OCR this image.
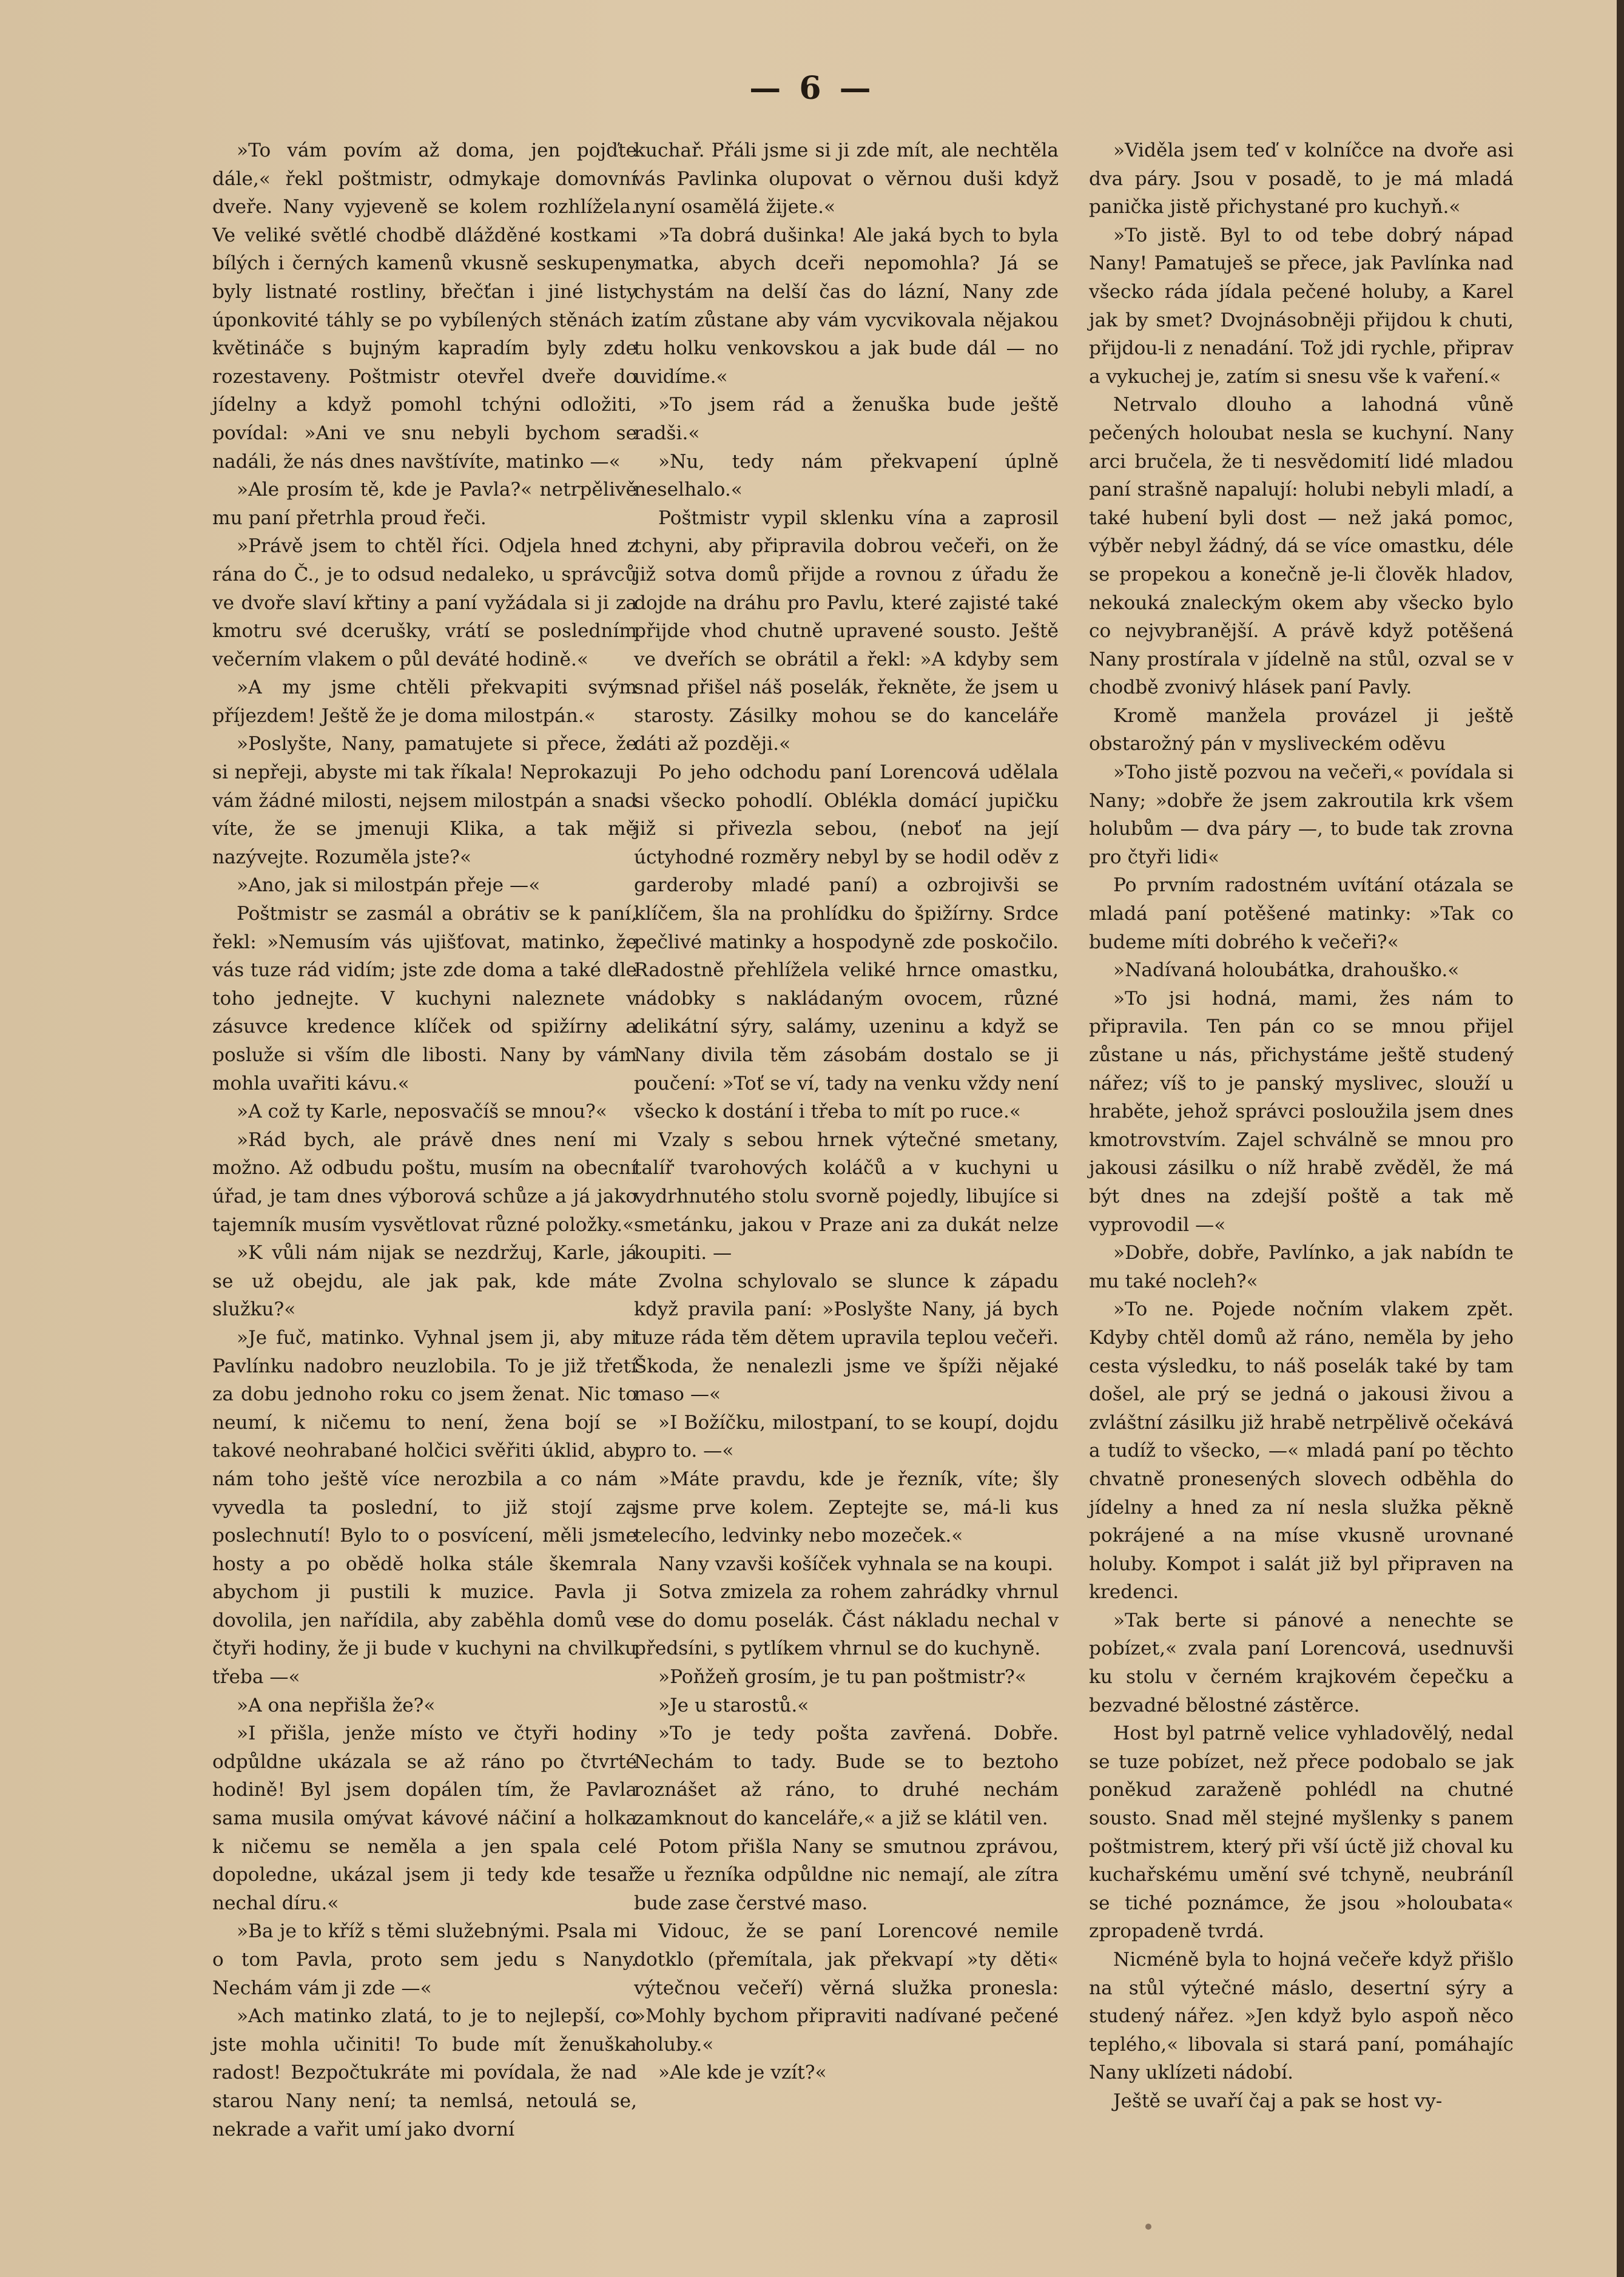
— 6 —

»To vám povím až doma, jen pojďte dále,« řekl poštmistr, odmykaje domovní dveře. Nany vyjeveně se kolem rozhlížela. Ve veliké světlé chodbě dlážděné kostkami bílých i černých kamenů vkusně seskupeny byly listnaté rostliny, břečťan i jiné listy úponkovité táhly se po vybílených stěnách i květináče s bujným kapradím byly zde rozestaveny. Poštmistr otevřel dveře do jídelny a když pomohl tchýni odložiti, povídal: »Ani ve snu nebyli bychom se nadáli, že nás dnes navštívíte, matinko —«

»Ale prosím tě, kde je Pavla?« netrpělivě mu paní přetrhla proud řeči.

»Právě jsem to chtěl říci. Odjela hned z rána do Č., je to odsud nedaleko, u správců ve dvoře slaví křtiny a paní vyžádala si ji za kmotru své dcerušky, vrátí se posledním večerním vlakem o půl deváté hodině.«

»A my jsme chtěli překvapiti svým příjezdem! Ještě že je doma milostpán.«

»Poslyšte, Nany, pamatujete si přece, že si nepřeji, abyste mi tak říkala! Neprokazuji vám žádné milosti, nejsem milostpán a snad víte, že se jmenuji Klika, a tak mě nazývejte. Rozuměla jste?«

»Ano, jak si milostpán přeje —«

Poštmistr se zasmál a obrátiv se k paní, řekl: »Nemusím vás ujišťovat, matinko, že vás tuze rád vidím; jste zde doma a také dle toho jednejte. V kuchyni naleznete v zásuvce kredence klíček od spižírny a posluže si vším dle libosti. Nany by vám mohla uvařiti kávu.«

»A což ty Karle, neposvačíš se mnou?«

»Rád bych, ale právě dnes není mi možno. Až odbudu poštu, musím na obecní úřad, je tam dnes výborová schůze a já jako tajemník musím vysvětlovat různé položky.«

»K vůli nám nijak se nezdržuj, Karle, já se už obejdu, ale jak pak, kde máte služku?«

»Je fuč, matinko. Vyhnal jsem ji, aby mi Pavlínku nadobro neuzlobila. To je již třetí za dobu jednoho roku co jsem ženat. Nic to neumí, k ničemu to není, žena bojí se takové neohrabané holčici svěřiti úklid, aby nám toho ještě více nerozbila a co nám vyvedla ta poslední, to již stojí za poslechnutí! Bylo to o posvícení, měli jsme hosty a po obědě holka stále škemrala abychom ji pustili k muzice. Pavla ji dovolila, jen nařídila, aby zaběhla domů ve čtyři hodiny, že ji bude v kuchyni na chvilku třeba —«

»A ona nepřišla že?«

»I přišla, jenže místo ve čtyři hodiny odpůldne ukázala se až ráno po čtvrté hodině! Byl jsem dopálen tím, že Pavla sama musila omývat kávové náčiní a holka k ničemu se neměla a jen spala celé dopoledne, ukázal jsem ji tedy kde tesař nechal díru.«

»Ba je to kříž s těmi služebnými. Psala mi o tom Pavla, proto sem jedu s Nany. Nechám vám ji zde —«

»Ach matinko zlatá, to je to nejlepší, co jste mohla učiniti! To bude mít ženuška radost! Bezpočtukráte mi povídala, že nad starou Nany není; ta nemlsá, netoulá se, nekrade a vařit umí jako dvorní

kuchař. Přáli jsme si ji zde mít, ale nechtěla vás Pavlinka olupovat o věrnou duši když nyní osamělá žijete.«

»Ta dobrá dušinka! Ale jaká bych to byla matka, abych dceři nepomohla? Já se chystám na delší čas do lázní, Nany zde zatím zůstane aby vám vycvikovala nějakou tu holku venkovskou a jak bude dál — no uvidíme.«

»To jsem rád a ženuška bude ještě radši.«

»Nu, tedy nám překvapení úplně neselhalo.«

Poštmistr vypil sklenku vína a zaprosil tchyni, aby připravila dobrou večeři, on že již sotva domů přijde a rovnou z úřadu že dojde na dráhu pro Pavlu, které zajisté také přijde vhod chutně upravené sousto. Ještě ve dveřích se obrátil a řekl: »A kdyby sem snad přišel náš poselák, řekněte, že jsem u starosty. Zásilky mohou se do kanceláře dáti až později.«

Po jeho odchodu paní Lorencová udělala si všecko pohodlí. Oblékla domácí jupičku již si přivezla sebou, (neboť na její úctyhodné rozměry nebyl by se hodil oděv z garderoby mladé paní) a ozbrojivši se klíčem, šla na prohlídku do špižírny. Srdce pečlivé matinky a hospodyně zde poskočilo. Radostně přehlížela veliké hrnce omastku, nádobky s nakládaným ovocem, různé delikátní sýry, salámy, uzeninu a když se Nany divila těm zásobám dostalo se ji poučení: »Toť se ví, tady na venku vždy není všecko k dostání i třeba to mít po ruce.«

Vzaly s sebou hrnek výtečné smetany, talíř tvarohových koláčů a v kuchyni u vydrhnutého stolu svorně pojedly, libujíce si smetánku, jakou v Praze ani za dukát nelze koupiti. —

Zvolna schylovalo se slunce k západu když pravila paní: »Poslyšte Nany, já bych tuze ráda těm dětem upravila teplou večeři. Škoda, že nenalezli jsme ve špíži nějaké maso —«

»I Božíčku, milostpaní, to se koupí, dojdu pro to. —«

»Máte pravdu, kde je řezník, víte; šly jsme prve kolem. Zeptejte se, má-li kus telecího, ledvinky nebo mozeček.«

Nany vzavši košíček vyhnala se na koupi.

Sotva zmizela za rohem zahrádky vhrnul se do domu poselák. Část nákladu nechal v předsíni, s pytlíkem vhrnul se do kuchyně.

»Poňžeň grosím, je tu pan poštmistr?«

»Je u starostů.«

»To je tedy pošta zavřená. Dobře. Nechám to tady. Bude se to beztoho roznášet až ráno, to druhé nechám zamknout do kanceláře,« a již se klátil ven.

Potom přišla Nany se smutnou zprávou, že u řezníka odpůldne nic nemají, ale zítra bude zase čerstvé maso.

Vidouc, že se paní Lorencové nemile dotklo (přemítala, jak překvapí »ty děti« výtečnou večeří) věrná služka pronesla: »Mohly bychom připraviti nadívané pečené holuby.«

»Ale kde je vzít?«

»Viděla jsem teď v kolníčce na dvoře asi dva páry. Jsou v posadě, to je má mladá panička jistě přichystané pro kuchyň.«

»To jistě. Byl to od tebe dobrý nápad Nany! Pamatuješ se přece, jak Pavlínka nad všecko ráda jídala pečené holuby, a Karel jak by smet? Dvojnásobněji přijdou k chuti, přijdou-li z nenadání. Tož jdi rychle, připrav a vykuchej je, zatím si snesu vše k vaření.«

Netrvalo dlouho a lahodná vůně pečených holoubat nesla se kuchyní. Nany arci bručela, že ti nesvědomití lidé mladou paní strašně napalují: holubi nebyli mladí, a také hubení byli dost — než jaká pomoc, výběr nebyl žádný, dá se více omastku, déle se propekou a konečně je-li člověk hladov, nekouká znaleckým okem aby všecko bylo co nejvybranější. A právě když potěšená Nany prostírala v jídelně na stůl, ozval se v chodbě zvonivý hlásek paní Pavly.

Kromě manžela provázel ji ještě obstarožný pán v mysliveckém oděvu

»Toho jistě pozvou na večeři,« povídala si Nany; »dobře že jsem zakroutila krk všem holubům — dva páry —, to bude tak zrovna pro čtyři lidi«

Po prvním radostném uvítání otázala se mladá paní potěšené matinky: »Tak co budeme míti dobrého k večeři?«

»Nadívaná holoubátka, drahouško.«

»To jsi hodná, mami, žes nám to připravila. Ten pán co se mnou přijel zůstane u nás, přichystáme ještě studený nářez; víš to je panský myslivec, slouží u hraběte, jehož správci posloužila jsem dnes kmotrovstvím. Zajel schválně se mnou pro jakousi zásilku o níž hrabě zvěděl, že má být dnes na zdejší poště a tak mě vyprovodil —«

»Dobře, dobře, Pavlínko, a jak nabídn te mu také nocleh?«

»To ne. Pojede nočním vlakem zpět. Kdyby chtěl domů až ráno, neměla by jeho cesta výsledku, to náš poselák také by tam došel, ale prý se jedná o jakousi živou a zvláštní zásilku již hrabě netrpělivě očekává a tudíž to všecko, —« mladá paní po těchto chvatně pronesených slovech odběhla do jídelny a hned za ní nesla služka pěkně pokrájené a na míse vkusně urovnané holuby. Kompot i salát již byl připraven na kredenci.

»Tak berte si pánové a nenechte se pobízet,« zvala paní Lorencová, usednuvši ku stolu v černém krajkovém čepečku a bezvadné bělostné zástěrce.

Host byl patrně velice vyhladovělý, nedal se tuze pobízet, než přece podobalo se jak poněkud zaraženě pohlédl na chutné sousto. Snad měl stejné myšlenky s panem poštmistrem, který při vší úctě již choval ku kuchařskému umění své tchyně, neubráníl se tiché poznámce, že jsou »holoubata« zpropadeně tvrdá.

Nicméně byla to hojná večeře když přišlo na stůl výtečné máslo, desertní sýry a studený nářez. »Jen když bylo aspoň něco teplého,« libovala si stará paní, pomáhajíc Nany uklízeti nádobí.

Ještě se uvaří čaj a pak se host vy-
